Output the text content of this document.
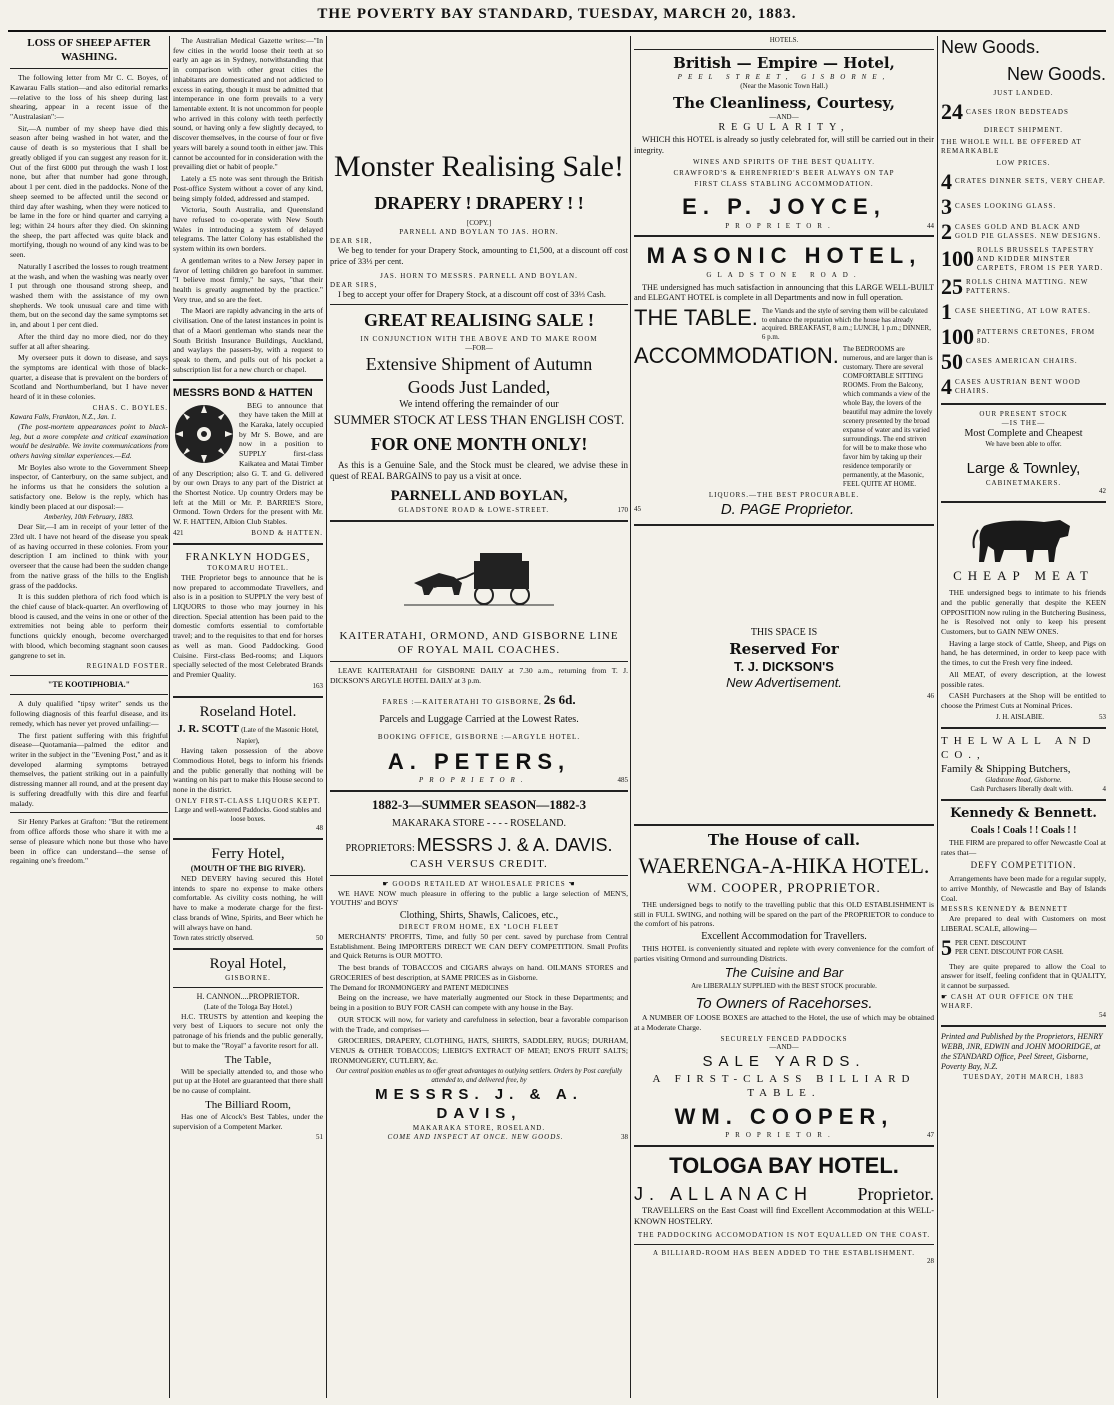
THE POVERTY BAY STANDARD, TUESDAY, MARCH 20, 1883.
LOSS OF SHEEP AFTER WASHING.

The following letter from Mr C. C. Boyes, of Kawarau Falls station—and also editorial remarks—relative to the loss of his sheep during last shearing, appear in a recent issue of the "Australasian":—

Sir,—A number of my sheep have died this season after being washed in hot water, and the cause of death is so mysterious that I shall be greatly obliged if you can suggest any reason for it. Out of the first 6000 put through the wash I lost none, but after that number had gone through, about 1 per cent. died in the paddocks. None of the sheep seemed to be affected until the second or third day after washing, when they were noticed to be lame in the fore or hind quarter and carrying a leg; within 24 hours after they died. On skinning the sheep, the part affected was quite black and mortifying, though no wound of any kind was to be seen.

Naturally I ascribed the losses to rough treatment at the wash, and when the washing was nearly over I put through one thousand strong sheep, and washed them with the assistance of my own shepherds. We took unusual care and time with them, but on the second day the same symptoms set in, and about 1 per cent died.

After the third day no more died, nor do they suffer at all after shearing.

My overseer puts it down to disease, and says the symptoms are identical with those of black-quarter, a disease that is prevalent on the borders of Scotland and Northumberland, but I have never heard of it in these colonies.

CHAS. C. BOYLES.
Kawara Falls, Frankton, N.Z., Jan. 1.

(The post-mortem appearances point to black-leg, but a more complete and critical examination would be desirable. We invite communications from others having similar experiences.—Ed.

Mr Boyles also wrote to the Government Sheep inspector, of Canterbury, on the same subject, and he informs us that he considers the solution a satisfactory one. Below is the reply, which has kindly been placed at our disposal:—

Amberley, 10th February, 1883.

Dear Sir,—I am in receipt of your letter of the 23rd ult. I have not heard of the disease you speak of as having occurred in these colonies. From your description I am inclined to think with your overseer that the cause had been the sudden change from the native grass of the hills to the English grass of the paddocks.

It is this sudden plethora of rich food which is the chief cause of black-quarter. An overflowing of blood is caused, and the veins in one or other of the extremities not being able to perform their functions quickly enough, become overcharged with blood, which becoming stagnant soon causes gangrene to set in.

REGINALD FOSTER.
"TE KOOTIPHOBIA."

A duly qualified "tipsy writer" sends us the following diagnosis of this fearful disease, and its remedy, which has never yet proved unfailing:—

The first patient suffering with this frightful disease—Quotamania—palmed the editor and writer in the subject in the "Evening Post," and as it developed alarming symptoms betrayed themselves, the patient striking out in a painfully distressing manner all round, and at the present day is suffering dreadfully with this dire and fearful malady.

Sir Henry Parkes at Grafton: "But the retirement from office affords those who share it with me a sense of pleasure which none but those who have been in office can understand—the sense of regaining one's freedom."

The Australian Medical Gazette writes:—"In few cities in the world loose their teeth at so early an age as in Sydney, notwithstanding that in comparison with other great cities the inhabitants are domesticated and not addicted to excess in eating, though it must be admitted that intemperance in one form prevails to a very lamentable extent. It is not uncommon for people who arrived in this colony with teeth perfectly sound, or having only a few slightly decayed, to discover themselves, in the course of four or five years will barely a sound tooth in either jaw. This cannot be accounted for in consideration with the prevailing diet or habit of people."

Lately a £5 note was sent through the British Post-office System without a cover of any kind, being simply folded, addressed and stamped.

Victoria, South Australia, and Queensland have refused to co-operate with New South Wales in introducing a system of delayed telegrams. The latter Colony has established the system within its own borders.

A gentleman writes to a New Jersey paper in favor of letting children go barefoot in summer. "I believe most firmly," he says, "that their health is greatly augmented by the practice." Very true, and so are the feet.

The Maori are rapidly advancing in the arts of civilisation. One of the latest instances in point is that of a Maori gentleman who stands near the South British Insurance Buildings, Auckland, and waylays the passers-by, with a request to speak to them, and pulls out of his pocket a subscription list for a new church or chapel.

MESSRS BOND & HATTEN

BEG to announce that they have taken the Mill at the Karaka, lately occupied by Mr S. Bowe, and are now in a position to SUPPLY first-class Kaikatea and Matai Timber of any Description; also G. T. and G. delivered by our own Drays to any part of the District at the Shortest Notice. Up country Orders may be left at the Mill or Mr. P. BARRIE'S Store, Ormond. Town Orders for the present with Mr. W. F. HATTEN, Albion Club Stables.

421	BOND & HATTEN.
FRANKLYN HODGES,
TOKOMARU HOTEL.

THE Proprietor begs to announce that he is now prepared to accommodate Travellers, and also is in a position to SUPPLY the very best of LIQUORS to those who may journey in his direction. Special attention has been paid to the domestic comforts essential to comfortable travel; and to the requisites to that end for horses as well as man. Good Paddocking. Good Cuisine. First-class Bed-rooms; and Liquors specially selected of the most Celebrated Brands and Premier Quality.

163
Roseland Hotel.
J. R. SCOTT (Late of the Masonic Hotel, Napier),

Having taken possession of the above Commodious Hotel, begs to inform his friends and the public generally that nothing will be wanting on his part to make this House second to none in the district.

ONLY FIRST-CLASS LIQUORS KEPT.
Large and well-watered Paddocks. Good stables and loose boxes.
48
Ferry Hotel,
(MOUTH OF THE BIG RIVER).

NED DEVERY having secured this Hotel intends to spare no expense to make others comfortable. As civility costs nothing, he will have to make a moderate charge for the first-class brands of Wine, Spirits, and Beer which he will always have on hand.

Town rates strictly observed.	50
Royal Hotel,
GISBORNE.
H. CANNON....PROPRIETOR.
(Late of the Tologa Bay Hotel.)

H.C. TRUSTS by attention and keeping the very best of Liquors to secure not only the patronage of his friends and the public generally, but to make the "Royal" a favorite resort for all.

The Table,

Will be specially attended to, and those who put up at the Hotel are guaranteed that there shall be no cause of complaint.

The Billiard Room,

Has one of Alcock's Best Tables, under the supervision of a Competent Marker.

51
Monster Realising Sale!
DRAPERY ! DRAPERY ! !
[COPY.]
PARNELL AND BOYLAN TO JAS. HORN.
DEAR SIR,

We beg to tender for your Drapery Stock, amounting to £1,500, at a discount off cost price of 33⅓ per cent.

JAS. HORN TO MESSRS. PARNELL AND BOYLAN.
DEAR SIRS,

I beg to accept your offer for Drapery Stock, at a discount off cost of 33⅓ Cash.

GREAT REALISING SALE !
IN CONJUNCTION WITH THE ABOVE AND TO MAKE ROOM
—FOR—
Extensive Shipment of Autumn
Goods Just Landed,
We intend offering the remainder of our
SUMMER STOCK AT LESS THAN ENGLISH COST.
FOR ONE MONTH ONLY!

As this is a Genuine Sale, and the Stock must be cleared, we advise these in quest of REAL BARGAINS to pay us a visit at once.

PARNELL AND BOYLAN,
GLADSTONE ROAD & LOWE-STREET.	170
KAITERATAHI, ORMOND, AND GISBORNE LINE
OF ROYAL MAIL COACHES.

LEAVE KAITERATAHI for GISBORNE DAILY at 7.30 a.m., returning from T. J. DICKSON'S ARGYLE HOTEL DAILY at 3 p.m.

FARES :—KAITERATAHI TO GISBORNE, 2s 6d.
Parcels and Luggage Carried at the Lowest Rates.
BOOKING OFFICE, GISBORNE :—ARGYLE HOTEL.
A. PETERS,
PROPRIETOR.	485
1882-3—SUMMER SEASON—1882-3
MAKARAKA STORE - - - - ROSELAND.
PROPRIETORS: MESSRS J. & A. DAVIS.
CASH VERSUS CREDIT.
☛ GOODS RETAILED AT WHOLESALE PRICES ☚

WE HAVE NOW much pleasure in offering to the public a large selection of MEN'S, YOUTHS' and BOYS'

Clothing, Shirts, Shawls, Calicoes, etc.,
DIRECT FROM HOME, EX "LOCH FLEET

MERCHANTS' PROFITS, Time, and fully 50 per cent. saved by purchase from Central Establishment. Being IMPORTERS DIRECT WE CAN DEFY COMPETITION. Small Profits and Quick Returns is OUR MOTTO.

The best brands of TOBACCOS and CIGARS always on hand. OILMANS STORES and GROCERIES of best description, at SAME PRICES as in Gisborne.

The Demand for IRONMONGERY and PATENT MEDICINES

Being on the increase, we have materially augmented our Stock in these Departments; and being in a position to BUY FOR CASH can compete with any house in the Bay.

OUR STOCK will now, for variety and carefulness in selection, bear a favorable comparison with the Trade, and comprises—

GROCERIES, DRAPERY, CLOTHING, HATS, SHIRTS, SADDLERY, RUGS; DURHAM, VENUS & OTHER TOBACCOS; LIEBIG'S EXTRACT OF MEAT; ENO'S FRUIT SALTS; IRONMONGERY, CUTLERY, &c.

Our central position enables us to offer great advantages to outlying settlers. Orders by Post carefully attended to, and delivered free, by

MESSRS. J. & A. DAVIS,
MAKARAKA STORE, ROSELAND.
COME AND INSPECT AT ONCE. NEW GOODS.	38
HOTELS.
British — Empire — Hotel,
PEEL STREET, GISBORNE,
(Near the Masonic Town Hall.)
The Cleanliness, Courtesy,
—AND—
REGULARITY,

WHICH this HOTEL is already so justly celebrated for, will still be carried out in their integrity.

WINES AND SPIRITS OF THE BEST QUALITY.
CRAWFORD'S & EHRENFRIED'S BEER ALWAYS ON TAP
FIRST CLASS STABLING ACCOMMODATION.
E. P. JOYCE,
PROPRIETOR.	44
MASONIC HOTEL,
GLADSTONE ROAD.

THE undersigned has much satisfaction in announcing that this LARGE WELL-BUILT and ELEGANT HOTEL is complete in all Departments and now in full operation.

THE TABLE. The Viands and the style of serving them will be calculated to enhance the reputation which the house has already acquired. BREAKFAST, 8 a.m.; LUNCH, 1 p.m.; DINNER, 6 p.m.
ACCOMMODATION. The BEDROOMS are numerous, and are larger than is customary. There are several COMFORTABLE SITTING ROOMS. From the Balcony, which commands a view of the whole Bay, the lovers of the beautiful may admire the lovely scenery presented by the broad expanse of water and its varied surroundings. The end striven for will be to make those who favor him by taking up their residence temporarily or permanently, at the Masonic, FEEL QUITE AT HOME.
LIQUORS.—THE BEST PROCURABLE.
45	D. PAGE Proprietor.
THIS SPACE IS
Reserved For
T. J. DICKSON'S
New Advertisement.
46
The House of call.
WAERENGA-A-HIKA HOTEL.
WM. COOPER, PROPRIETOR.

THE undersigned begs to notify to the travelling public that this OLD ESTABLISHMENT is still in FULL SWING, and nothing will be spared on the part of the PROPRIETOR to conduce to the comfort of his patrons.

Excellent Accommodation for Travellers.

THIS HOTEL is conveniently situated and replete with every convenience for the comfort of parties visiting Ormond and surrounding Districts.

The Cuisine and Bar
Are LIBERALLY SUPPLIED with the BEST STOCK procurable.
To Owners of Racehorses.

A NUMBER OF LOOSE BOXES are attached to the Hotel, the use of which may be obtained at a Moderate Charge.

SECURELY FENCED PADDOCKS
—AND—
SALE YARDS.
A FIRST-CLASS BILLIARD TABLE.
WM. COOPER,
PROPRIETOR.	47
TOLOGA BAY HOTEL.
J. ALLANACH Proprietor.

TRAVELLERS on the East Coast will find Excellent Accommodation at this WELL-KNOWN HOSTELRY.

THE PADDOCKING ACCOMODATION IS NOT EQUALLED ON THE COAST.
A BILLIARD-ROOM HAS BEEN ADDED TO THE ESTABLISHMENT.
28
New Goods.
New Goods.
JUST LANDED.
24 CASES IRON BEDSTEADS
DIRECT SHIPMENT.
THE WHOLE WILL BE OFFERED AT REMARKABLE
LOW PRICES.
4 CRATES DINNER SETS, VERY CHEAP.
3 CASES LOOKING GLASS.
2 CASES GOLD AND BLACK AND GOLD PIE GLASSES. NEW DESIGNS.
100 ROLLS BRUSSELS TAPESTRY AND KIDDER MINSTER CARPETS, FROM 1S PER YARD.
25 ROLLS CHINA MATTING. NEW PATTERNS.
1 CASE SHEETING, AT LOW RATES.
100 PATTERNS CRETONES, FROM 8D.
50 CASES AMERICAN CHAIRS.
4 CASES AUSTRIAN BENT WOOD CHAIRS.
OUR PRESENT STOCK
—IS THE—
Most Complete and Cheapest
We have been able to offer.
Large & Townley,
CABINETMAKERS.
42
CHEAP MEAT

THE undersigned begs to intimate to his friends and the public generally that despite the KEEN OPPOSITION now ruling in the Butchering Business, he is Resolved not only to keep his present Customers, but to GAIN NEW ONES.

Having a large stock of Cattle, Sheep, and Pigs on hand, he has determined, in order to keep pace with the times, to cut the Fresh very fine indeed.

All MEAT, of every description, at the lowest possible rates.

CASH Purchasers at the Shop will be entitled to choose the Primest Cuts at Nominal Prices.

J. H. AISLABIE.	53
THELWALL AND CO.,
Family & Shipping Butchers,
Gladstone Road, Gisborne.
Cash Purchasers liberally dealt with.	4
Kennedy & Bennett.
Coals ! Coals ! ! Coals ! !

THE FIRM are prepared to offer Newcastle Coal at rates that—

DEFY COMPETITION.

Arrangements have been made for a regular supply, to arrive Monthly, of Newcastle and Bay of Islands Coal.

MESSRS KENNEDY & BENNETT

Are prepared to deal with Customers on most LIBERAL SCALE, allowing—

5 PER CENT. DISCOUNT
PER CENT. DISCOUNT FOR CASH.

They are quite prepared to allow the Coal to answer for itself, feeling confident that in QUALITY, it cannot be surpassed.

☛ CASH AT OUR OFFICE ON THE WHARF.
54

Printed and Published by the Proprietors, HENRY WEBB, JNR, EDWIN and JOHN MOORIDGE, at the STANDARD Office, Peel Street, Gisborne, Poverty Bay, N.Z.

TUESDAY, 20TH MARCH, 1883
